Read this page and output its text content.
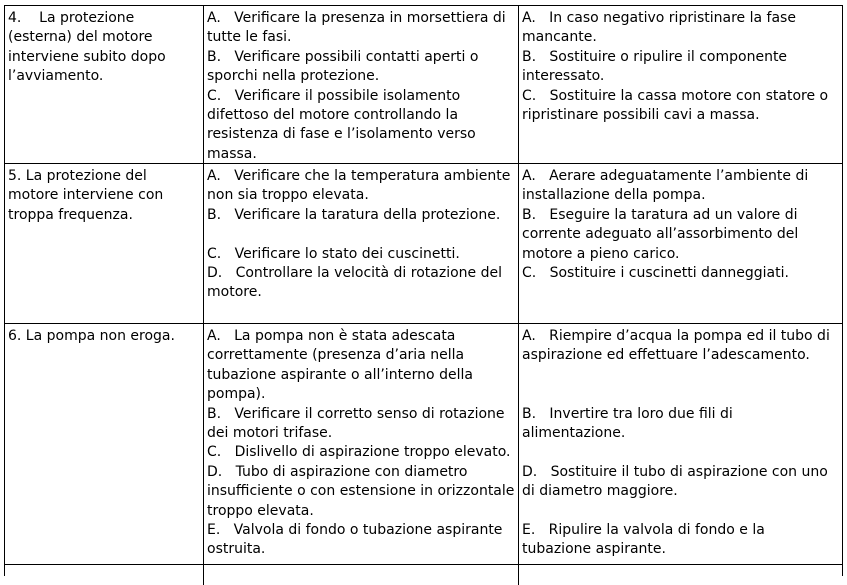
4.    La protezione
(esterna) del motore
interviene subito dopo
l’avviamento.
A.   Verificare la presenza in morsettiera di
tutte le fasi.
B.   Verificare possibili contatti aperti o
sporchi nella protezione.
C.   Verificare il possibile isolamento
difettoso del motore controllando la
resistenza di fase e l’isolamento verso
massa.
A.   In caso negativo ripristinare la fase
mancante.
B.   Sostituire o ripulire il componente
interessato.
C.   Sostituire la cassa motore con statore o
ripristinare possibili cavi a massa.
5. La protezione del
motore interviene con
troppa frequenza.
A.   Verificare che la temperatura ambiente
non sia troppo elevata.
B.   Verificare la taratura della protezione.
C.   Verificare lo stato dei cuscinetti.
D.   Controllare la velocità di rotazione del
motore.
A.   Aerare adeguatamente l’ambiente di
installazione della pompa.
B.   Eseguire la taratura ad un valore di
corrente adeguato all’assorbimento del
motore a pieno carico.
C.   Sostituire i cuscinetti danneggiati.
6. La pompa non eroga.	A.   La pompa non è stata adescata
correttamente (presenza d’aria nella
tubazione aspirante o all’interno della
pompa).
B.   Verificare il corretto senso di rotazione
dei motori trifase.
C.   Dislivello di aspirazione troppo elevato.
D.   Tubo di aspirazione con diametro
insufficiente o con estensione in orizzontale
troppo elevata.
E.   Valvola di fondo o tubazione aspirante
ostruita.
A.   Riempire d’acqua la pompa ed il tubo di
aspirazione ed effettuare l’adescamento.
B.   Invertire tra loro due fili di
alimentazione.
D.   Sostituire il tubo di aspirazione con uno
di diametro maggiore.
E.   Ripulire la valvola di fondo e la
tubazione aspirante.
